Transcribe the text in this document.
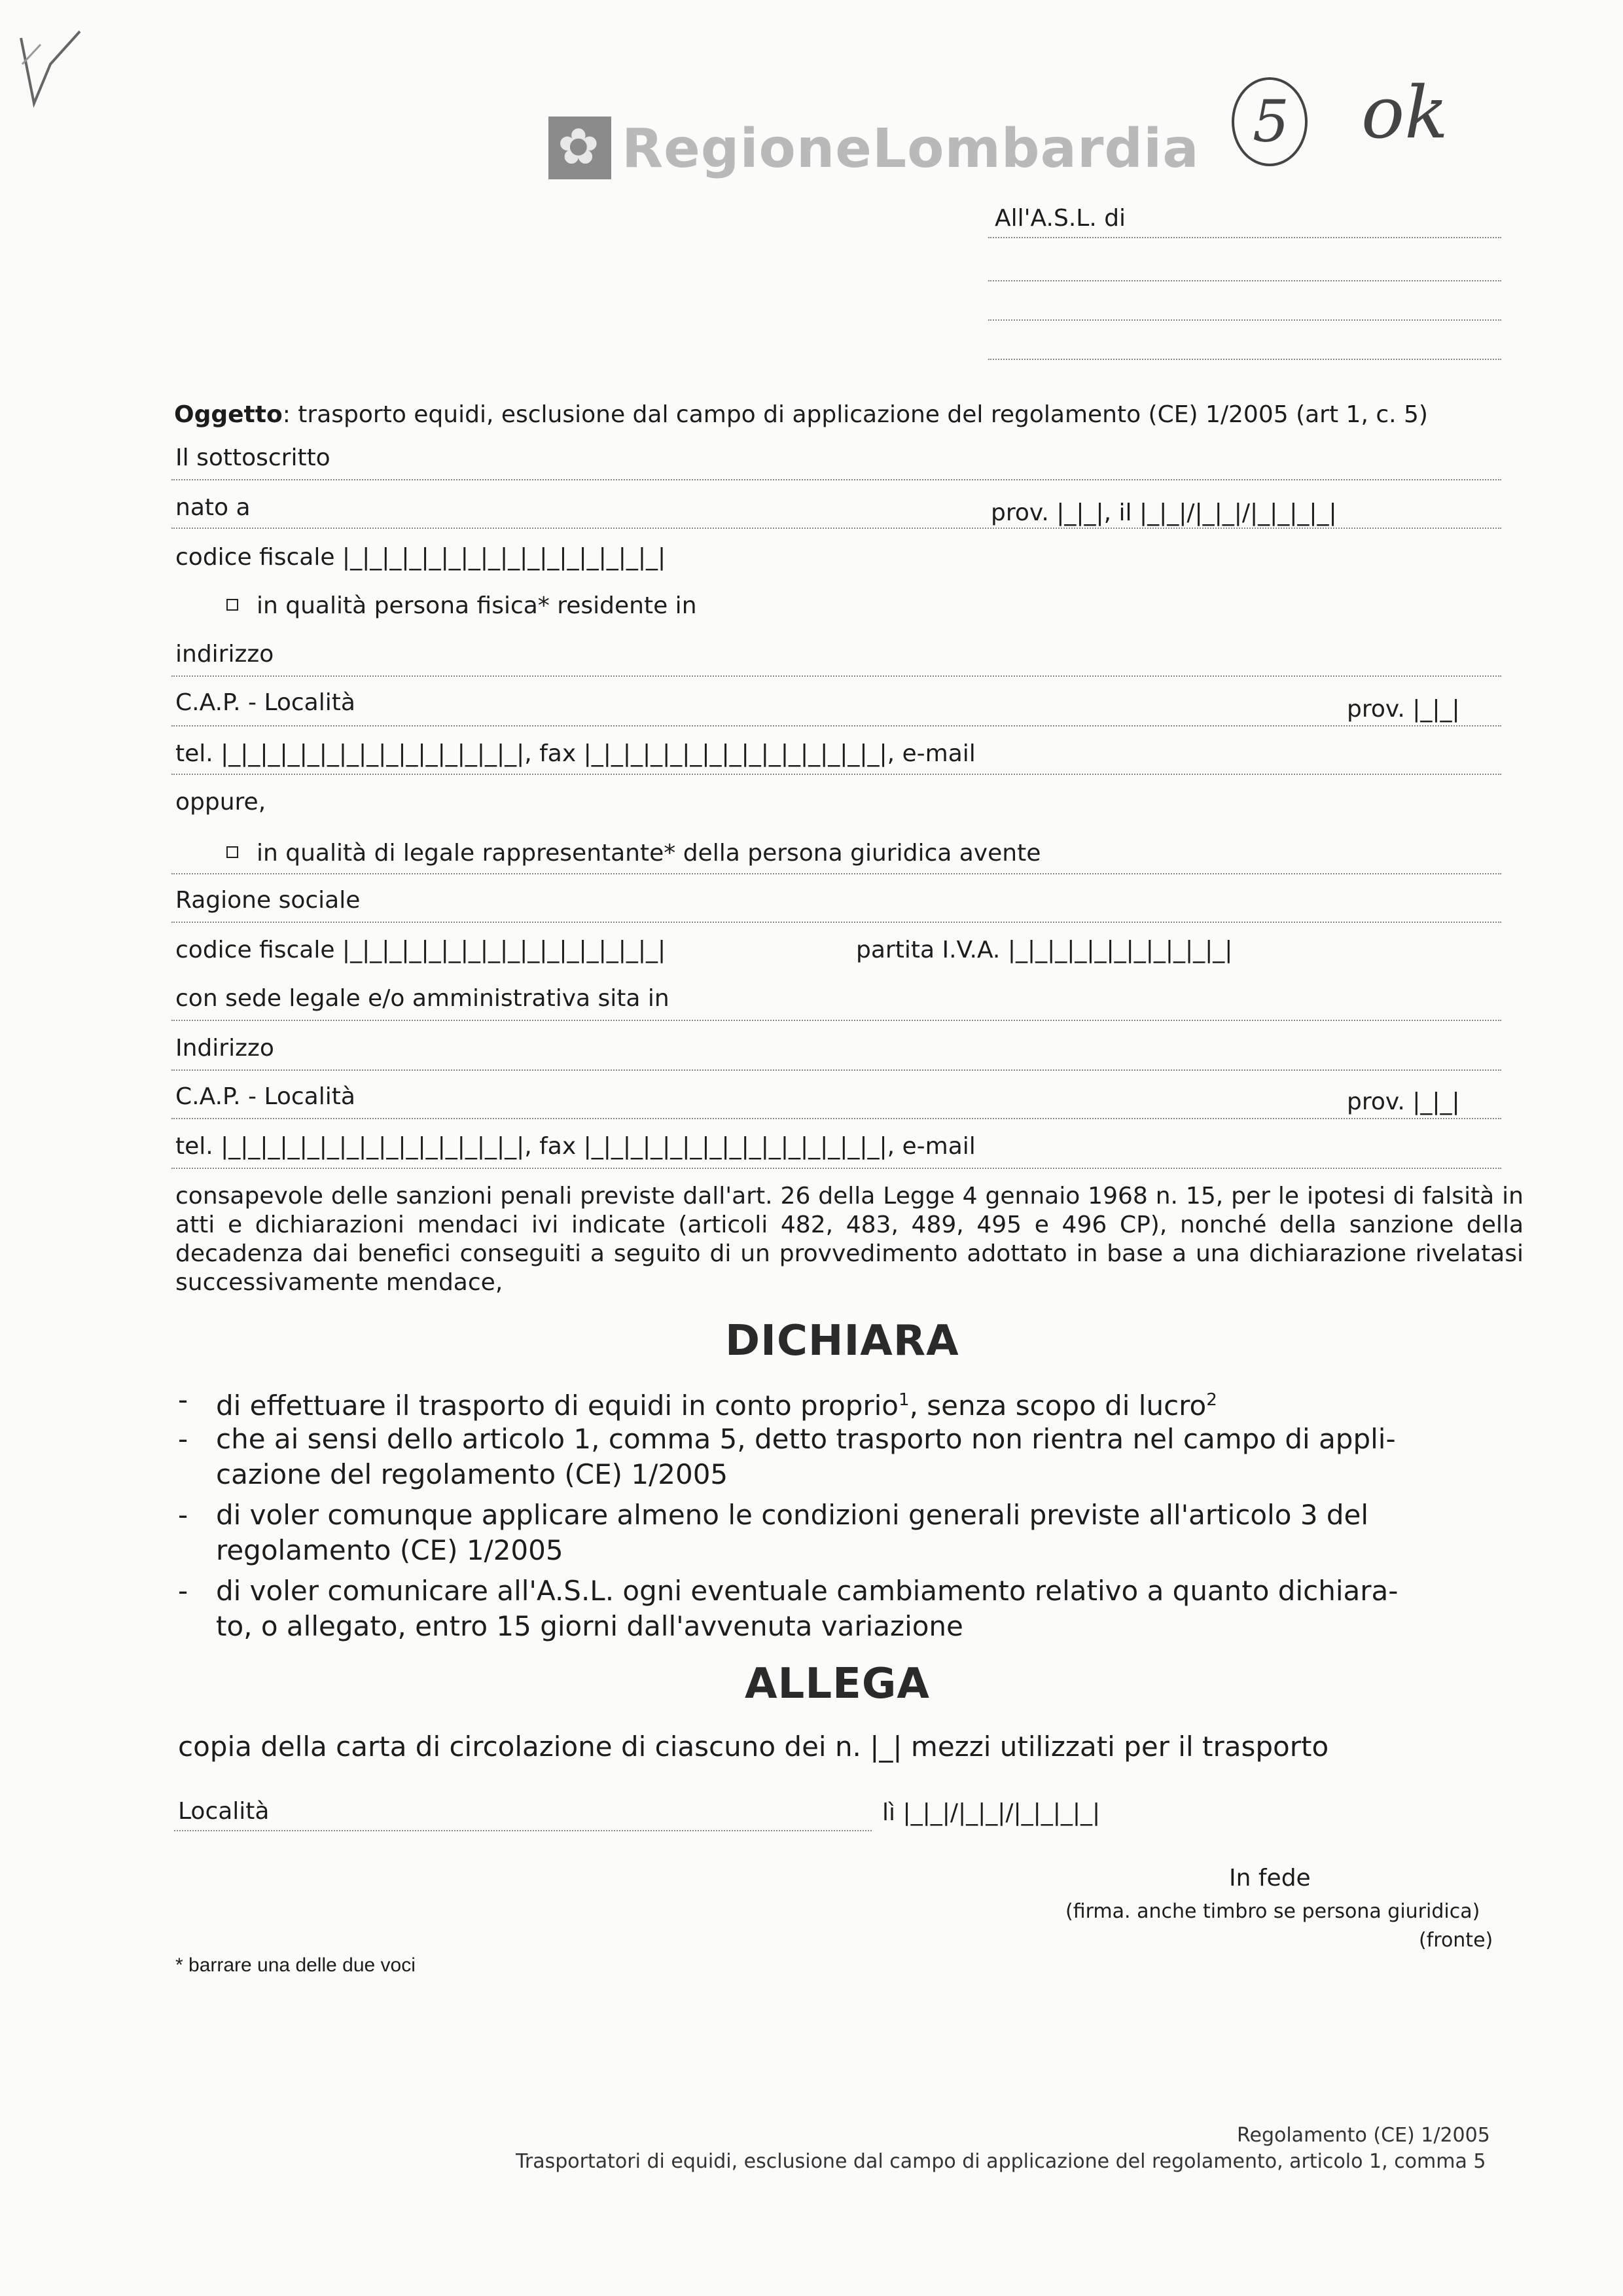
✿
RegioneLombardia 5 ok
All'A.S.L. di
Oggetto: trasporto equidi, esclusione dal campo di applicazione del regolamento (CE) 1/2005 (art 1, c. 5)
Il sottoscritto
nato a	prov. |_|_|, il |_|_|/|_|_|/|_|_|_|_|
codice fiscale |_|_|_|_|_|_|_|_|_|_|_|_|_|_|_|_|
in qualità persona fisica* residente in
indirizzo
C.A.P. - Località	prov. |_|_|
tel. |_|_|_|_|_|_|_|_|_|_|_|_|_|_|_|, fax |_|_|_|_|_|_|_|_|_|_|_|_|_|_|_|, e-mail
oppure,
in qualità di legale rappresentante* della persona giuridica avente
Ragione sociale
codice fiscale |_|_|_|_|_|_|_|_|_|_|_|_|_|_|_|_|	partita I.V.A. |_|_|_|_|_|_|_|_|_|_|_|
con sede legale e/o amministrativa sita in
Indirizzo
C.A.P. - Località	prov. |_|_|
tel. |_|_|_|_|_|_|_|_|_|_|_|_|_|_|_|, fax |_|_|_|_|_|_|_|_|_|_|_|_|_|_|_|, e-mail
consapevole delle sanzioni penali previste dall'art. 26 della Legge 4 gennaio 1968 n. 15, per le ipotesi di falsità in atti e dichiarazioni mendaci ivi indicate (articoli 482, 483, 489, 495 e 496 CP), nonché della sanzione della decadenza dai benefici conseguiti a seguito di un provvedimento adottato in base a una dichiarazione rivelatasi successivamente mendace,
DICHIARA
- di effettuare il trasporto di equidi in conto proprio$^1$, senza scopo di lucro$^2$
- che ai sensi dello articolo 1, comma 5, detto trasporto non rientra nel campo di appli-
cazione del regolamento (CE) 1/2005
- di voler comunque applicare almeno le condizioni generali previste all'articolo 3 del
regolamento (CE) 1/2005
- di voler comunicare all'A.S.L. ogni eventuale cambiamento relativo a quanto dichiara-
to, o allegato, entro 15 giorni dall'avvenuta variazione
ALLEGA
copia della carta di circolazione di ciascuno dei n. |_| mezzi utilizzati per il trasporto
Località	lì |_|_|/|_|_|/|_|_|_|_|
In fede
(firma. anche timbro se persona giuridica)
(fronte)
* barrare una delle due voci
Regolamento (CE) 1/2005
Trasportatori di equidi, esclusione dal campo di applicazione del regolamento, articolo 1, comma 5
